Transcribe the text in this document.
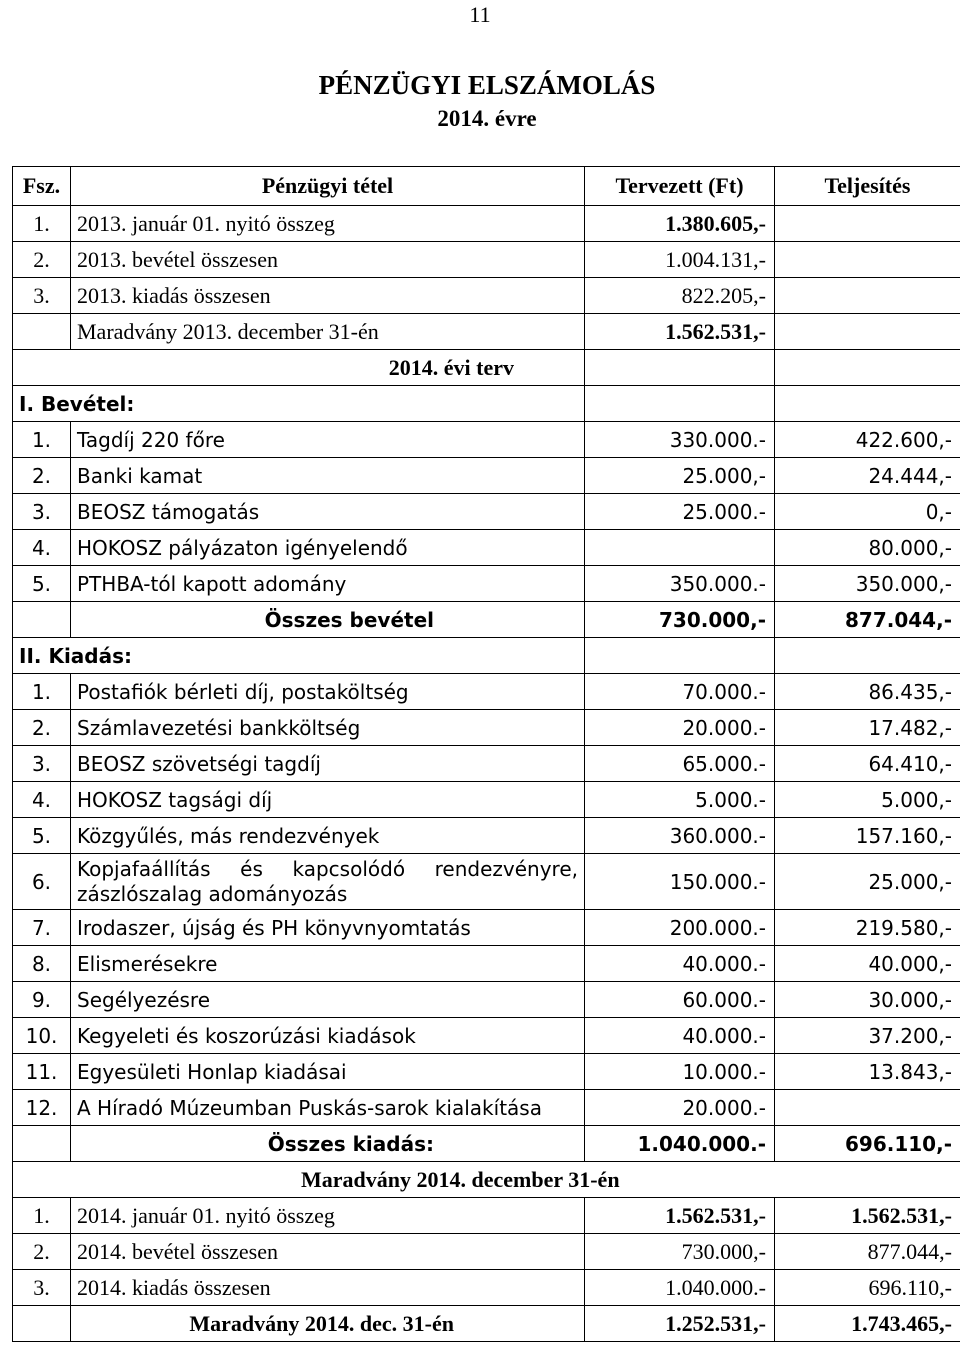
11
PÉNZÜGYI ELSZÁMOLÁS
2014. évre
Fsz.	Pénzügyi tétel	Tervezett (Ft)	Teljesítés
1.	2013. január 01. nyitó összeg	1.380.605,-	
2.	2013. bevétel összesen	1.004.131,-	
3.	2013. kiadás összesen	822.205,-	
	Maradvány 2013. december 31-én	1.562.531,-	
2014. évi terv			
I. Bevétel:			
1.	Tagdíj 220 főre	330.000.-	422.600,-
2.	Banki kamat	25.000,-	24.444,-
3.	BEOSZ támogatás	25.000.-	0,-
4.	HOKOSZ pályázaton igényelendő		80.000,-
5.	PTHBA-tól kapott adomány	350.000.-	350.000,-
	Összes bevétel	730.000,-	877.044,-
II. Kiadás:			
1.	Postafiók bérleti díj, postaköltség	70.000.-	86.435,-
2.	Számlavezetési bankköltség	20.000.-	17.482,-
3.	BEOSZ szövetségi tagdíj	65.000.-	64.410,-
4.	HOKOSZ tagsági díj	5.000.-	5.000,-
5.	Közgyűlés, más rendezvények	360.000.-	157.160,-
6.	Kopjafaállítás és kapcsolódó rendezvényre, zászlószalag adományozás	150.000.-	25.000,-
7.	Irodaszer, újság és PH könyvnyomtatás	200.000.-	219.580,-
8.	Elismerésekre	40.000.-	40.000,-
9.	Segélyezésre	60.000.-	30.000,-
10.	Kegyeleti és koszorúzási kiadások	40.000.-	37.200,-
11.	Egyesületi Honlap kiadásai	10.000.-	13.843,-
12.	A Híradó Múzeumban Puskás-sarok kialakítása	20.000.-	
	Összes kiadás:	1.040.000.-	696.110,-
Maradvány 2014. december 31-én			
1.	2014. január 01. nyitó összeg	1.562.531,-	1.562.531,-
2.	2014. bevétel összesen	730.000,-	877.044,-
3.	2014. kiadás összesen	1.040.000.-	696.110,-
	Maradvány 2014. dec. 31-én	1.252.531,-	1.743.465,-
